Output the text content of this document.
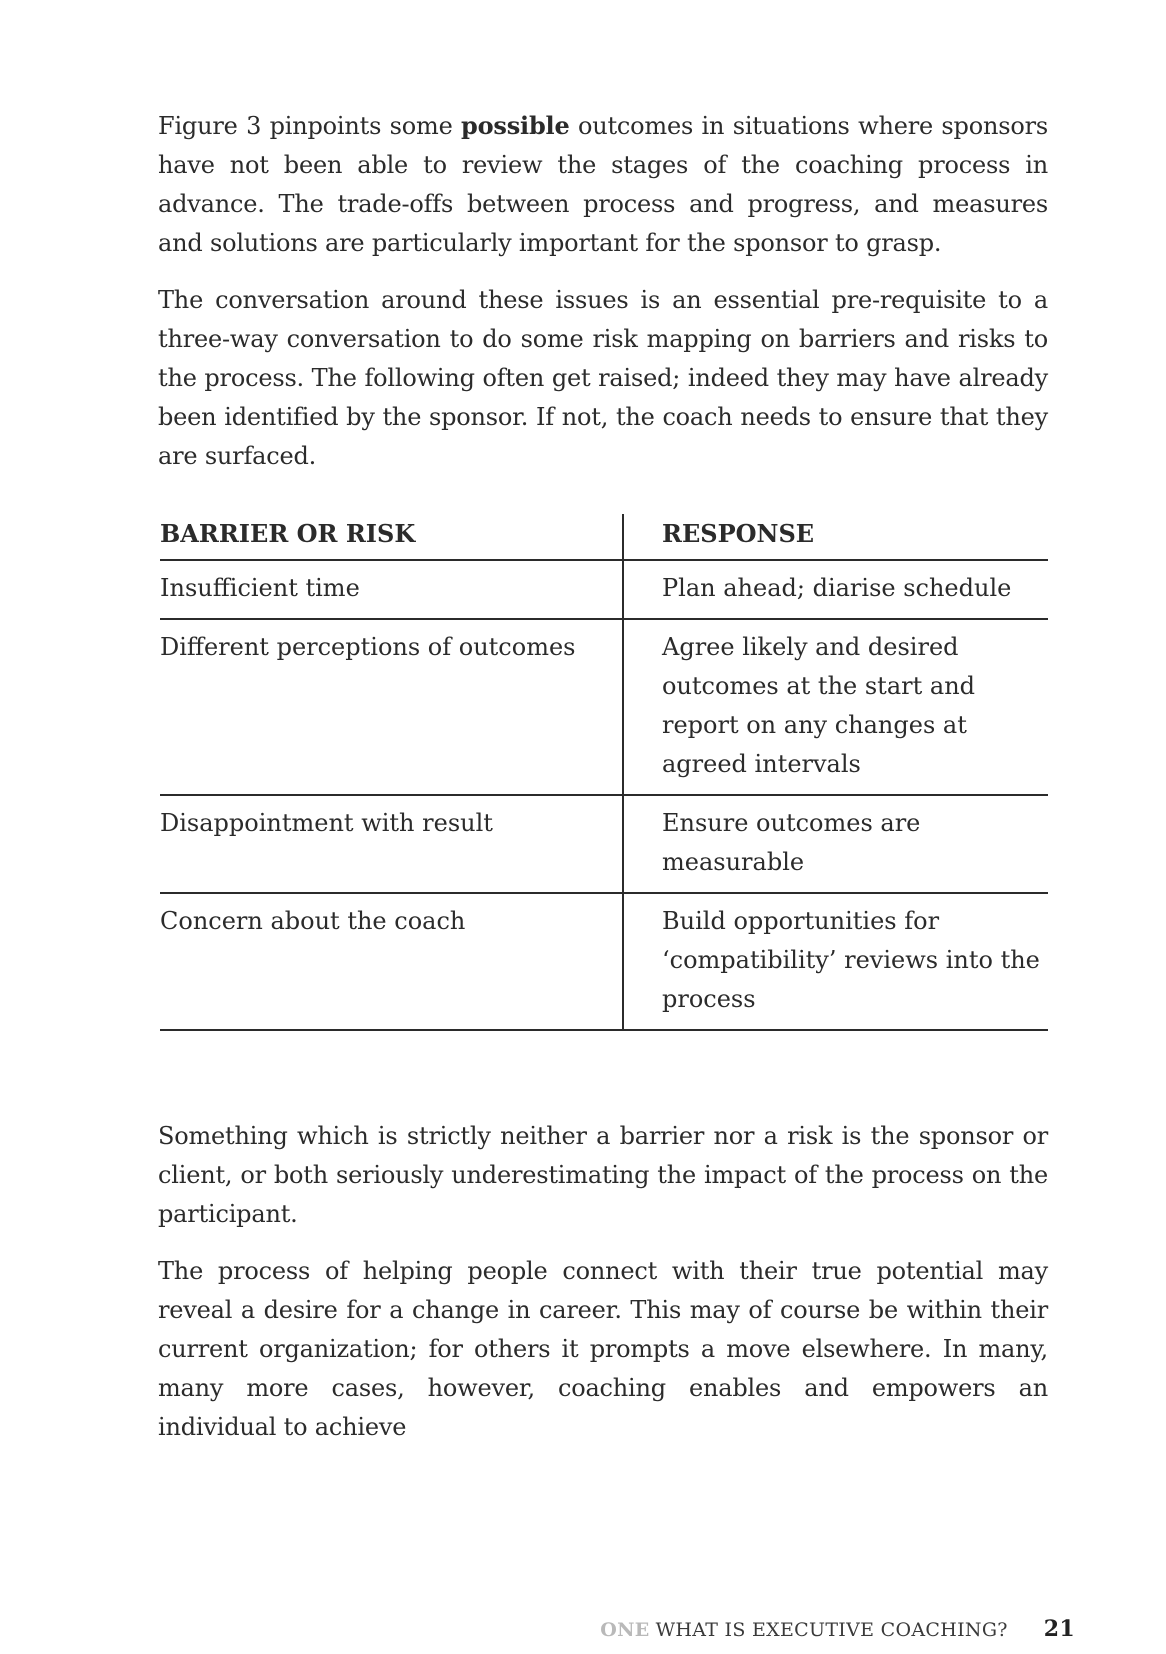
Figure 3 pinpoints some possible outcomes in situations where sponsors have not been able to review the stages of the coaching process in advance. The trade-offs between process and progress, and measures and solutions are particularly important for the sponsor to grasp.

The conversation around these issues is an essential pre-requisite to a three-way conversation to do some risk mapping on barriers and risks to the process. The following often get raised; indeed they may have already been identified by the sponsor. If not, the coach needs to ensure that they are surfaced.

BARRIER OR RISK	RESPONSE
Insufficient time	Plan ahead; diarise schedule
Different perceptions of outcomes	Agree likely and desired outcomes at the start and report on any changes at agreed intervals
Disappointment with result	Ensure outcomes are measurable
Concern about the coach	Build opportunities for ‘compatibility’ reviews into the process

Something which is strictly neither a barrier nor a risk is the sponsor or client, or both seriously underestimating the impact of the process on the participant.

The process of helping people connect with their true potential may reveal a desire for a change in career. This may of course be within their current organization; for others it prompts a move elsewhere. In many, many more cases, however, coaching enables and empowers an individual to achieve

ONE WHAT IS EXECUTIVE COACHING? 21
